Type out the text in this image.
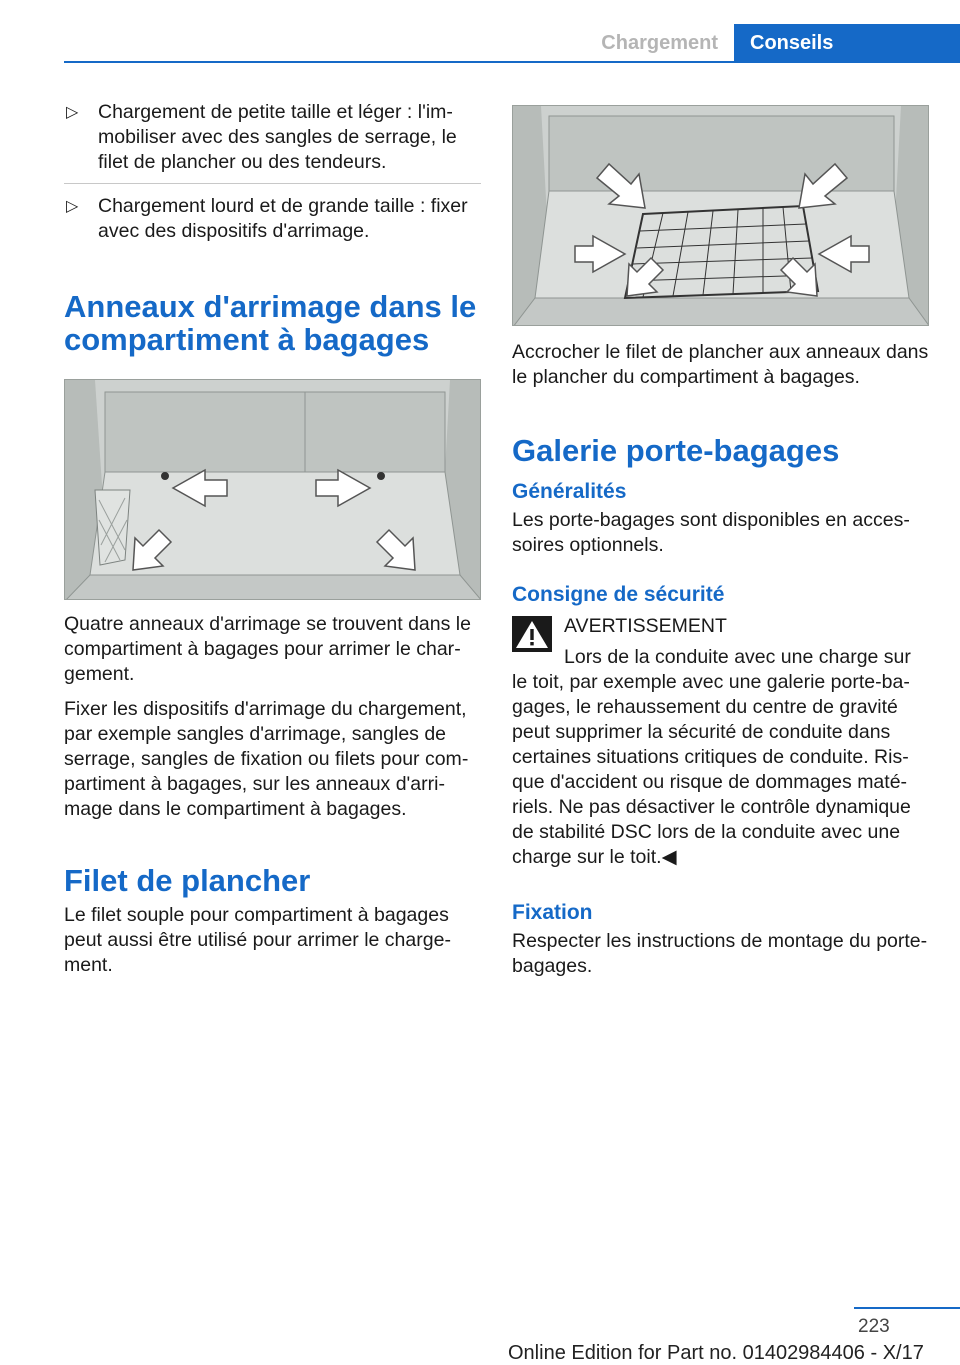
Chargement	Conseils
▷ Chargement de petite taille et léger : l'immobiliser avec des sangles de serrage, le filet de plancher ou des tendeurs.
▷ Chargement lourd et de grande taille : fixer avec des dispositifs d'arrimage.
Anneaux d'arrimage dans le compartiment à bagages

Quatre anneaux d'arrimage se trouvent dans le compartiment à bagages pour arrimer le chargement.

Fixer les dispositifs d'arrimage du chargement, par exemple sangles d'arrimage, sangles de serrage, sangles de fixation ou filets pour compartiment à bagages, sur les anneaux d'arrimage dans le compartiment à bagages.

Filet de plancher

Le filet souple pour compartiment à bagages peut aussi être utilisé pour arrimer le chargement.

Accrocher le filet de plancher aux anneaux dans le plancher du compartiment à bagages.

Galerie porte-bagages
Généralités

Les porte-bagages sont disponibles en accessoires optionnels.

Consigne de sécurité
AVERTISSEMENT
Lors de la conduite avec une charge sur
le toit, par exemple avec une galerie porte-bagages, le rehaussement du centre de gravité peut supprimer la sécurité de conduite dans certaines situations critiques de conduite. Risque d'accident ou risque de dommages matériels. Ne pas désactiver le contrôle dynamique de stabilité DSC lors de la conduite avec une charge sur le toit.◀
Fixation

Respecter les instructions de montage du porte-bagages.

223
Online Edition for Part no. 01402984406 - X/17
